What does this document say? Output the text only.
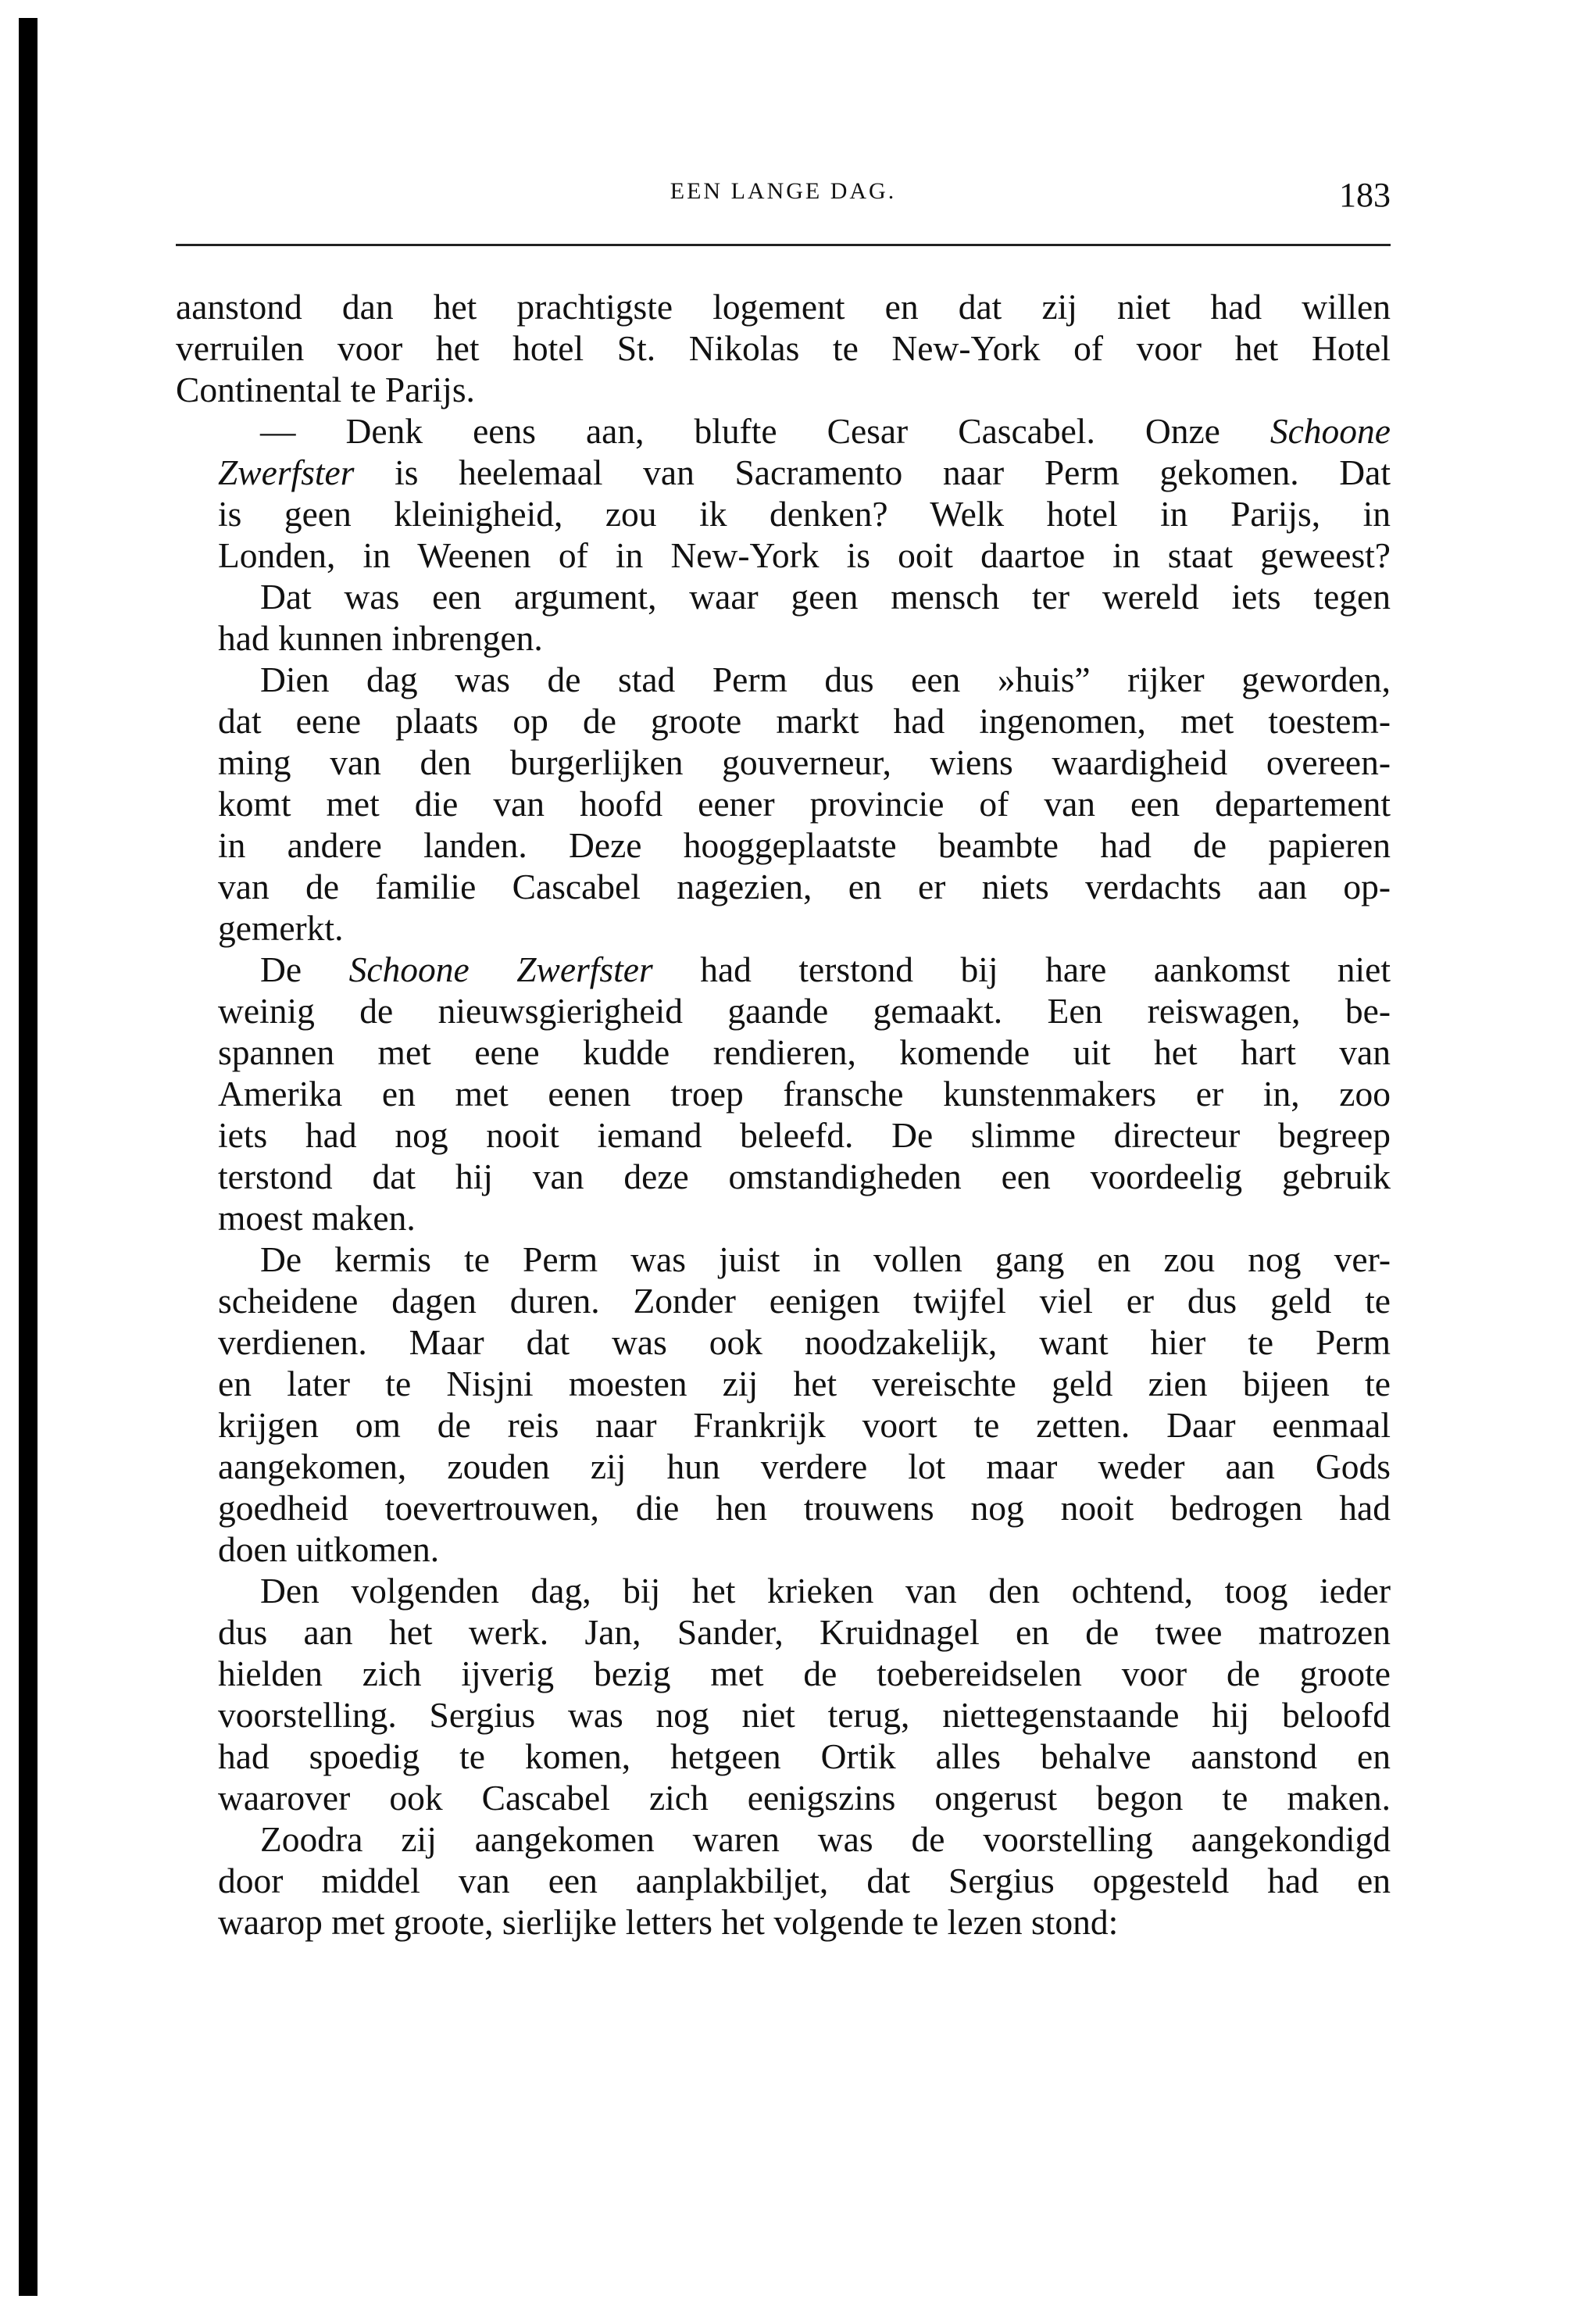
EEN LANGE DAG.	183

aanstond dan het prachtigste logement en dat zij niet had willen
verruilen voor het hotel St. Nikolas te New-York of voor het Hotel
Continental te Parijs.

— Denk eens aan, blufte Cesar Cascabel. Onze Schoone
Zwerfster is heelemaal van Sacramento naar Perm gekomen. Dat
is geen kleinigheid, zou ik denken? Welk hotel in Parijs, in
Londen, in Weenen of in New-York is ooit daartoe in staat geweest?

Dat was een argument, waar geen mensch ter wereld iets tegen
had kunnen inbrengen.

Dien dag was de stad Perm dus een »huis” rijker geworden,
dat eene plaats op de groote markt had ingenomen, met toestem-
ming van den burgerlijken gouverneur, wiens waardigheid overeen-
komt met die van hoofd eener provincie of van een departement
in andere landen. Deze hooggeplaatste beambte had de papieren
van de familie Cascabel nagezien, en er niets verdachts aan op-
gemerkt.

De Schoone Zwerfster had terstond bij hare aankomst niet
weinig de nieuwsgierigheid gaande gemaakt. Een reiswagen, be-
spannen met eene kudde rendieren, komende uit het hart van
Amerika en met eenen troep fransche kunstenmakers er in, zoo
iets had nog nooit iemand beleefd. De slimme directeur begreep
terstond dat hij van deze omstandigheden een voordeelig gebruik
moest maken.

De kermis te Perm was juist in vollen gang en zou nog ver-
scheidene dagen duren. Zonder eenigen twijfel viel er dus geld te
verdienen. Maar dat was ook noodzakelijk, want hier te Perm
en later te Nisjni moesten zij het vereischte geld zien bijeen te
krijgen om de reis naar Frankrijk voort te zetten. Daar eenmaal
aangekomen, zouden zij hun verdere lot maar weder aan Gods
goedheid toevertrouwen, die hen trouwens nog nooit bedrogen had
doen uitkomen.

Den volgenden dag, bij het krieken van den ochtend, toog ieder
dus aan het werk. Jan, Sander, Kruidnagel en de twee matrozen
hielden zich ijverig bezig met de toebereidselen voor de groote
voorstelling. Sergius was nog niet terug, niettegenstaande hij beloofd
had spoedig te komen, hetgeen Ortik alles behalve aanstond en
waarover ook Cascabel zich eenigszins ongerust begon te maken.

Zoodra zij aangekomen waren was de voorstelling aangekondigd
door middel van een aanplakbiljet, dat Sergius opgesteld had en
waarop met groote, sierlijke letters het volgende te lezen stond:
